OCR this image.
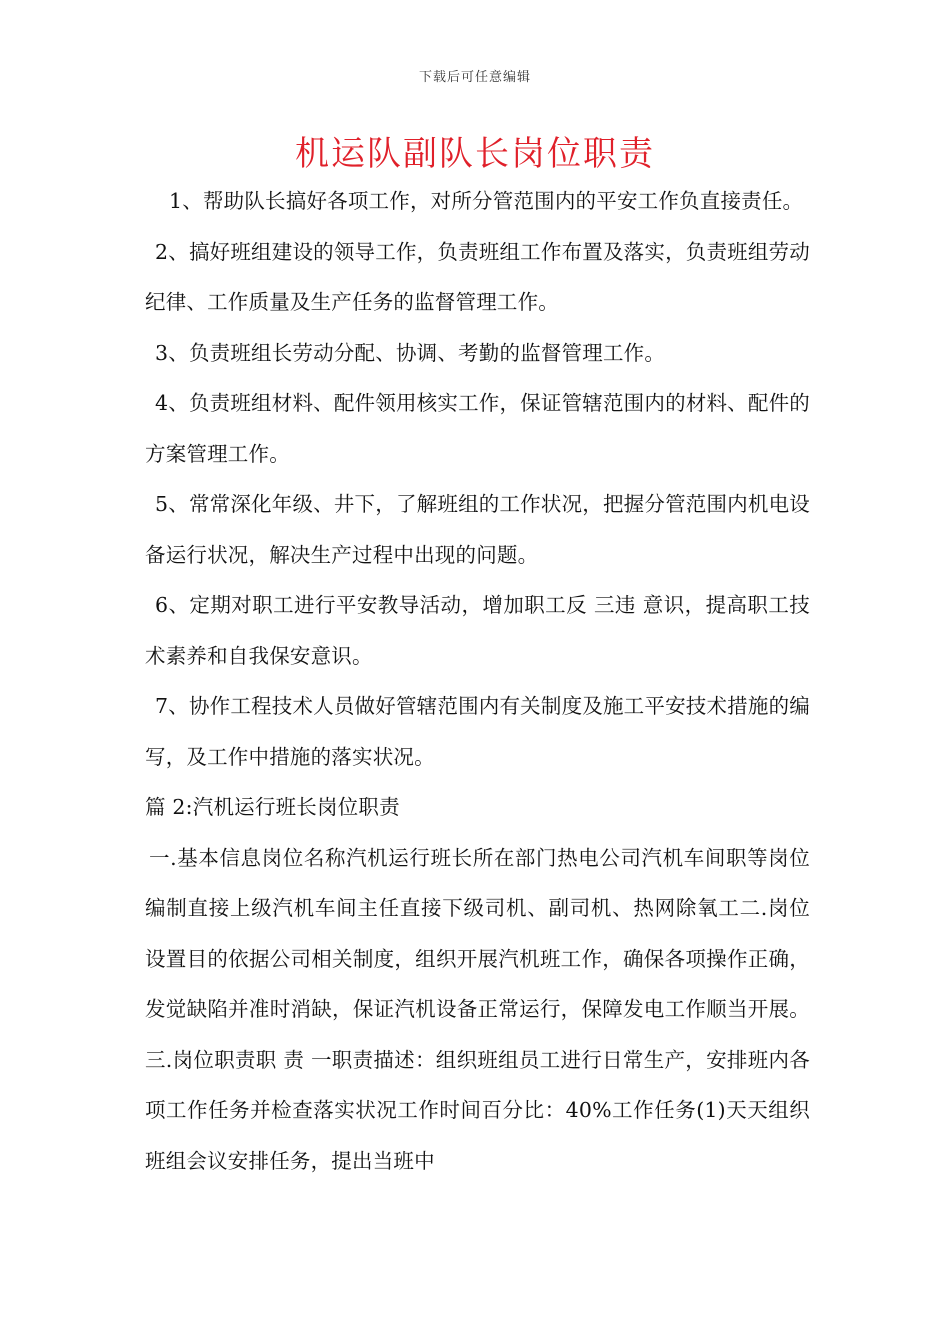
下载后可任意编辑
机运队副队长岗位职责

1、帮助队长搞好各项工作，对所分管范围内的平安工作负直接责任。

2、搞好班组建设的领导工作，负责班组工作布置及落实，负责班组劳动纪律、工作质量及生产任务的监督管理工作。

3、负责班组长劳动分配、协调、考勤的监督管理工作。

4、负责班组材料、配件领用核实工作，保证管辖范围内的材料、配件的方案管理工作。

5、常常深化年级、井下，了解班组的工作状况，把握分管范围内机电设备运行状况，解决生产过程中出现的问题。

6、定期对职工进行平安教导活动，增加职工反 三违 意识，提高职工技术素养和自我保安意识。

7、协作工程技术人员做好管辖范围内有关制度及施工平安技术措施的编写，及工作中措施的落实状况。

篇 2:汽机运行班长岗位职责

一.基本信息岗位名称汽机运行班长所在部门热电公司汽机车间职等岗位编制直接上级汽机车间主任直接下级司机、副司机、热网除氧工二.岗位设置目的依据公司相关制度，组织开展汽机班工作，确保各项操作正确，发觉缺陷并准时消缺，保证汽机设备正常运行，保障发电工作顺当开展。三.岗位职责职 责 一职责描述：组织班组员工进行日常生产，安排班内各项工作任务并检查落实状况工作时间百分比：40%工作任务(1)天天组织班组会议安排任务，提出当班中
